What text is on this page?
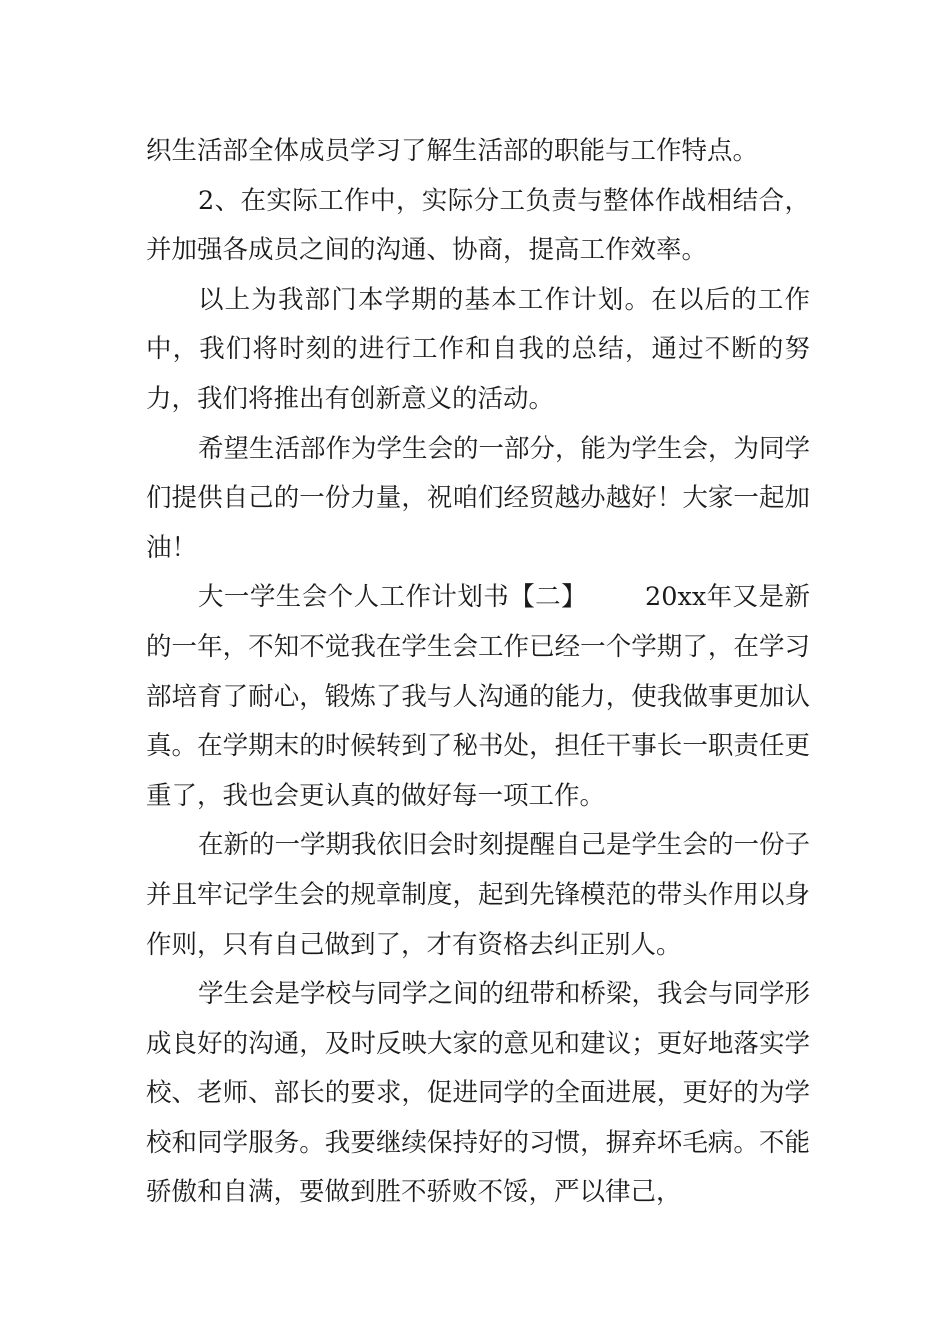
织生活部全体成员学习了解生活部的职能与工作特点。

2、在实际工作中，实际分工负责与整体作战相结合，并加强各成员之间的沟通、协商，提高工作效率。

以上为我部门本学期的基本工作计划。在以后的工作中，我们将时刻的进行工作和自我的总结，通过不断的努力，我们将推出有创新意义的活动。

希望生活部作为学生会的一部分，能为学生会，为同学们提供自己的一份力量，祝咱们经贸越办越好！大家一起加油！

大一学生会个人工作计划书【二】 20xx年又是新的一年，不知不觉我在学生会工作已经一个学期了，在学习部培育了耐心，锻炼了我与人沟通的能力，使我做事更加认真。在学期末的时候转到了秘书处，担任干事长一职责任更重了，我也会更认真的做好每一项工作。

在新的一学期我依旧会时刻提醒自己是学生会的一份子并且牢记学生会的规章制度，起到先锋模范的带头作用以身作则，只有自己做到了，才有资格去纠正别人。

学生会是学校与同学之间的纽带和桥梁，我会与同学形成良好的沟通，及时反映大家的意见和建议；更好地落实学校、老师、部长的要求，促进同学的全面进展，更好的为学校和同学服务。我要继续保持好的习惯，摒弃坏毛病。不能骄傲和自满，要做到胜不骄败不馁，严以律己，
